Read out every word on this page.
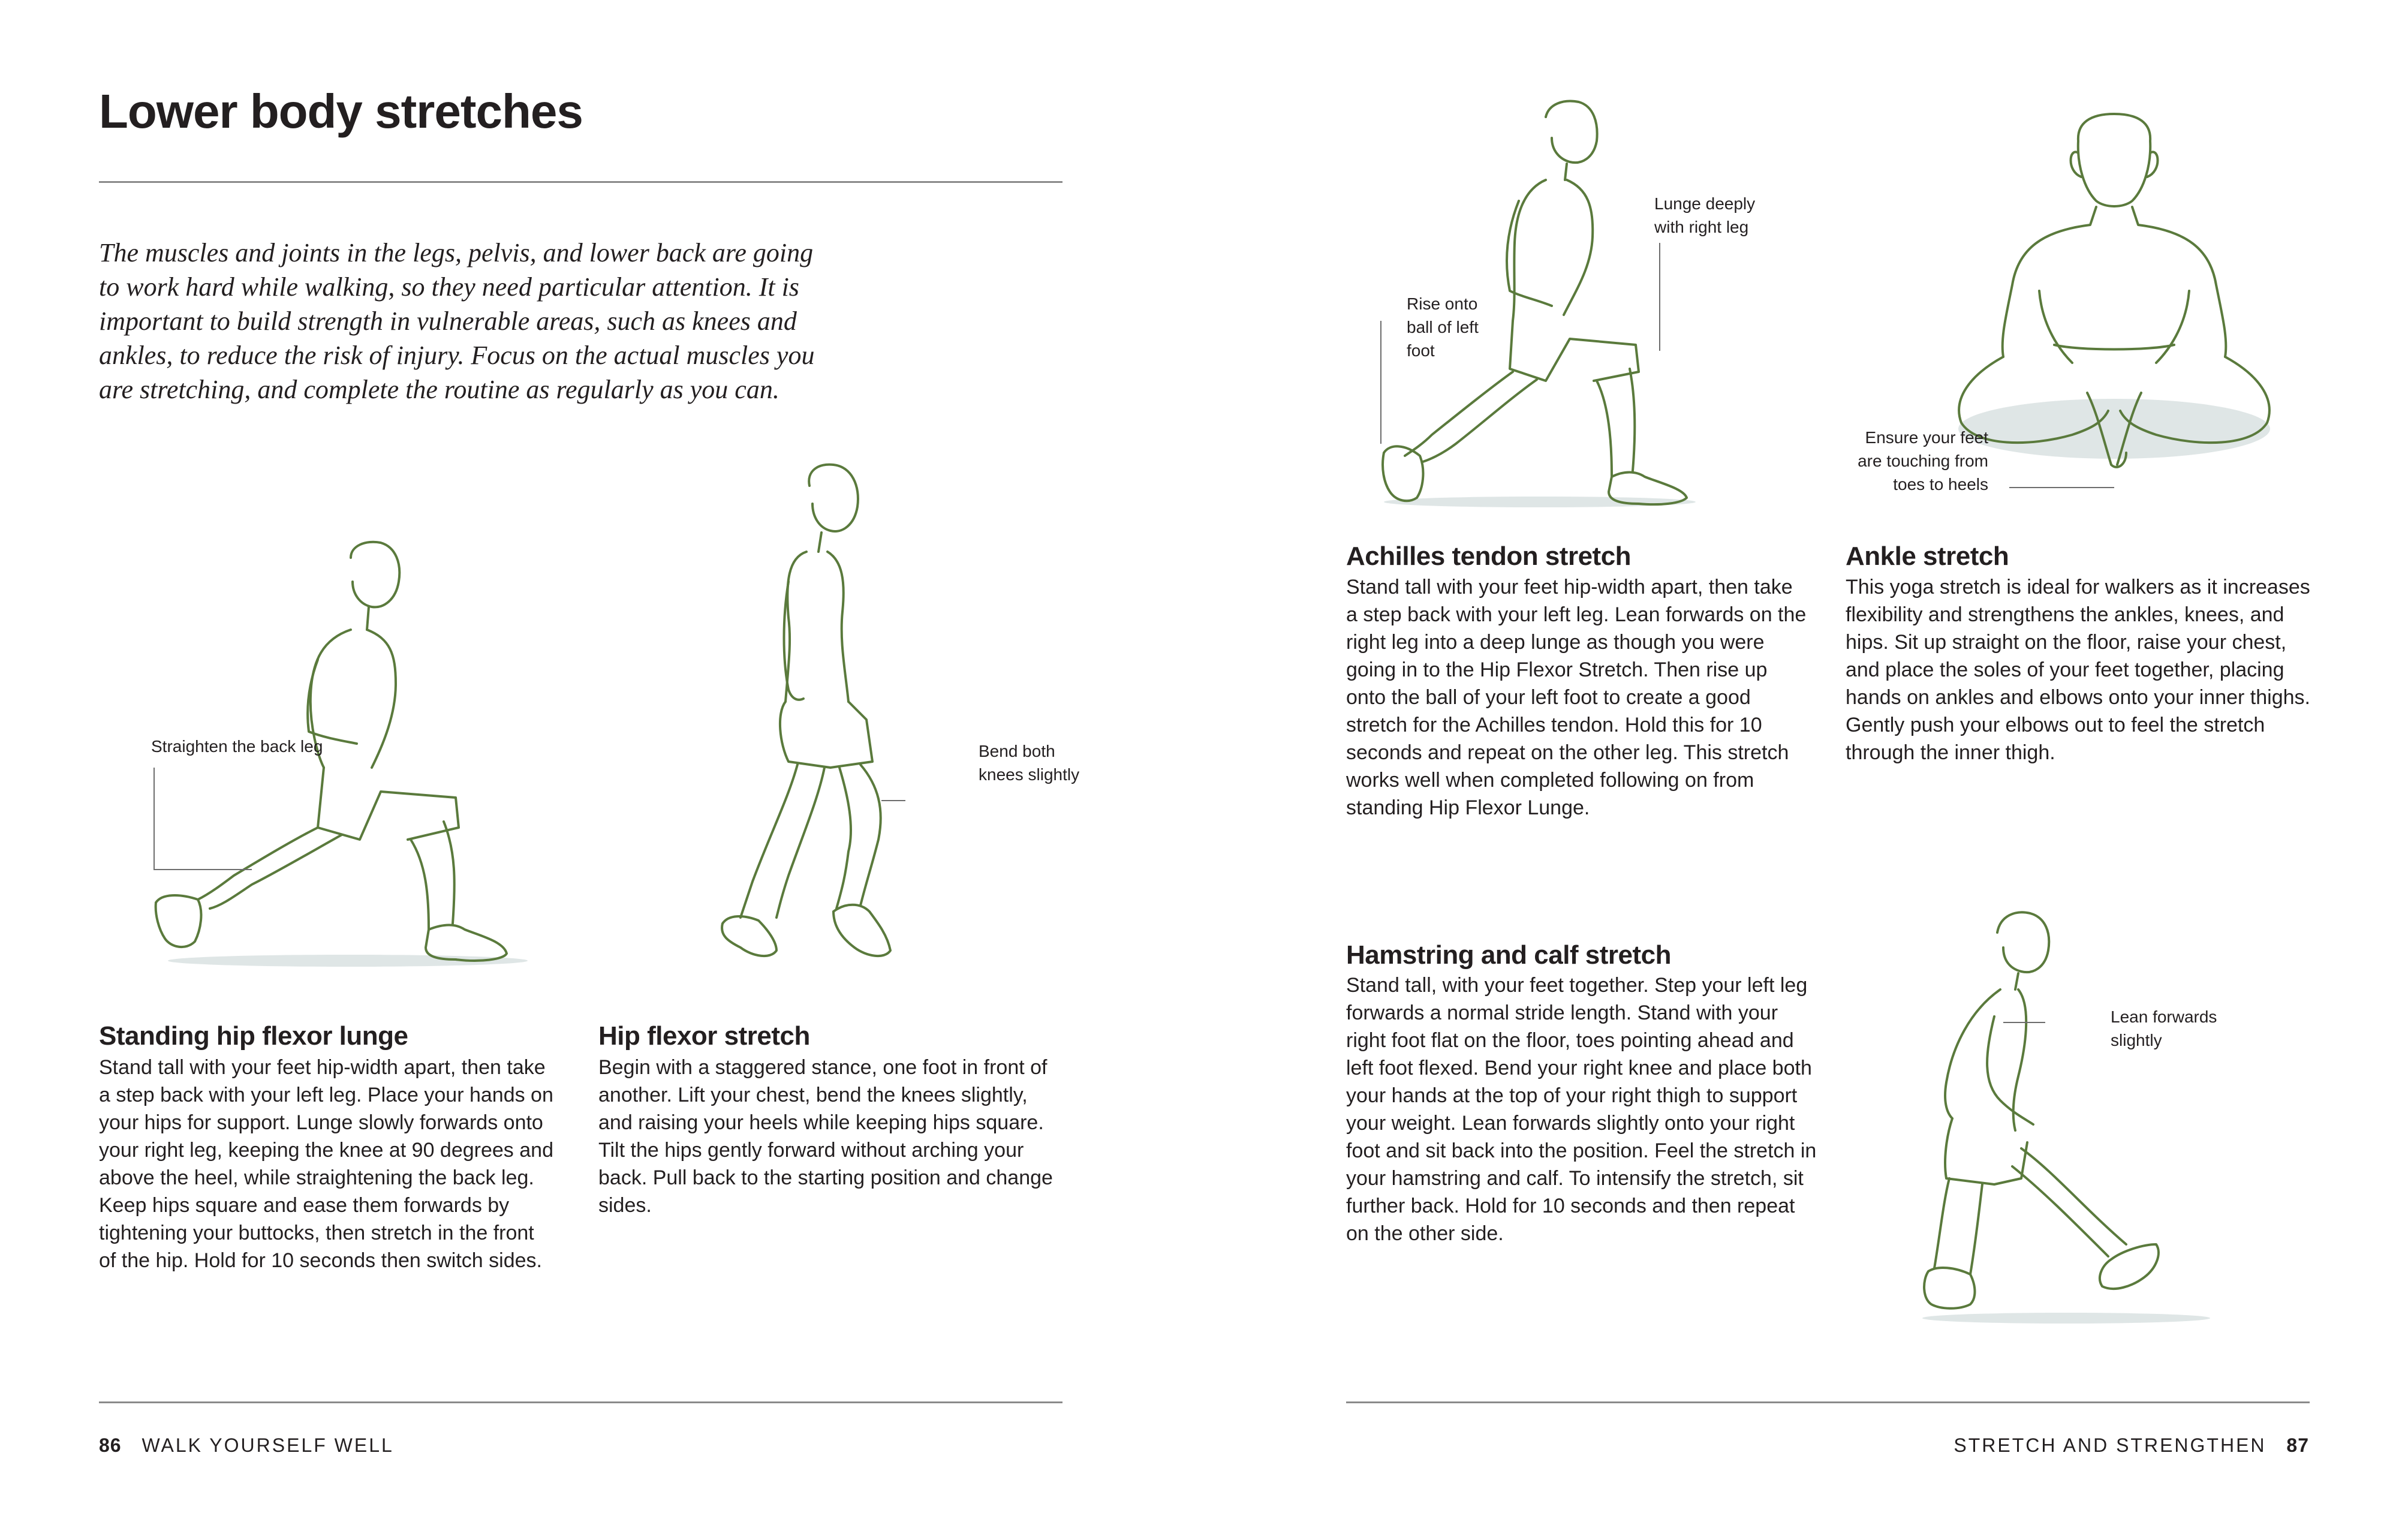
Lower body stretches

The muscles and joints in the legs, pelvis, and lower back are going to work hard while walking, so they need particular attention. It is important to build strength in vulnerable areas, such as knees and ankles, to reduce the risk of injury. Focus on the actual muscles you are stretching, and complete the routine as regularly as you can.

Straighten the back leg	Bend both knees slightly

Standing hip flexor lunge

Stand tall with your feet hip-width apart, then take a step back with your left leg. Place your hands on your hips for support. Lunge slowly forwards onto your right leg, keeping the knee at 90 degrees and above the heel, while straightening the back leg. Keep hips square and ease them forwards by tightening your buttocks, then stretch in the front of the hip. Hold for 10 seconds then switch sides.

Hip flexor stretch

Begin with a staggered stance, one foot in front of another. Lift your chest, bend the knees slightly, and raising your heels while keeping hips square. Tilt the hips gently forward without arching your back. Pull back to the starting position and change sides.

86 WALK YOURSELF WELL

Lunge deeply with right leg

Rise onto ball of left foot

Ensure your feet are touching from toes to heels

Achilles tendon stretch

Stand tall with your feet hip-width apart, then take a step back with your left leg. Lean forwards on the right leg into a deep lunge as though you were going in to the Hip Flexor Stretch. Then rise up onto the ball of your left foot to create a good stretch for the Achilles tendon. Hold this for 10 seconds and repeat on the other leg. This stretch works well when completed following on from standing Hip Flexor Lunge.

Ankle stretch

This yoga stretch is ideal for walkers as it increases flexibility and strengthens the ankles, knees, and hips. Sit up straight on the floor, raise your chest, and place the soles of your feet together, placing hands on ankles and elbows onto your inner thighs. Gently push your elbows out to feel the stretch through the inner thigh.

Hamstring and calf stretch

Stand tall, with your feet together. Step your left leg forwards a normal stride length. Stand with your right foot flat on the floor, toes pointing ahead and left foot flexed. Bend your right knee and place both your hands at the top of your right thigh to support your weight. Lean forwards slightly onto your right foot and sit back into the position. Feel the stretch in your hamstring and calf. To intensify the stretch, sit further back. Hold for 10 seconds and then repeat on the other side.

Lean forwards slightly

STRETCH AND STRENGTHEN 87
